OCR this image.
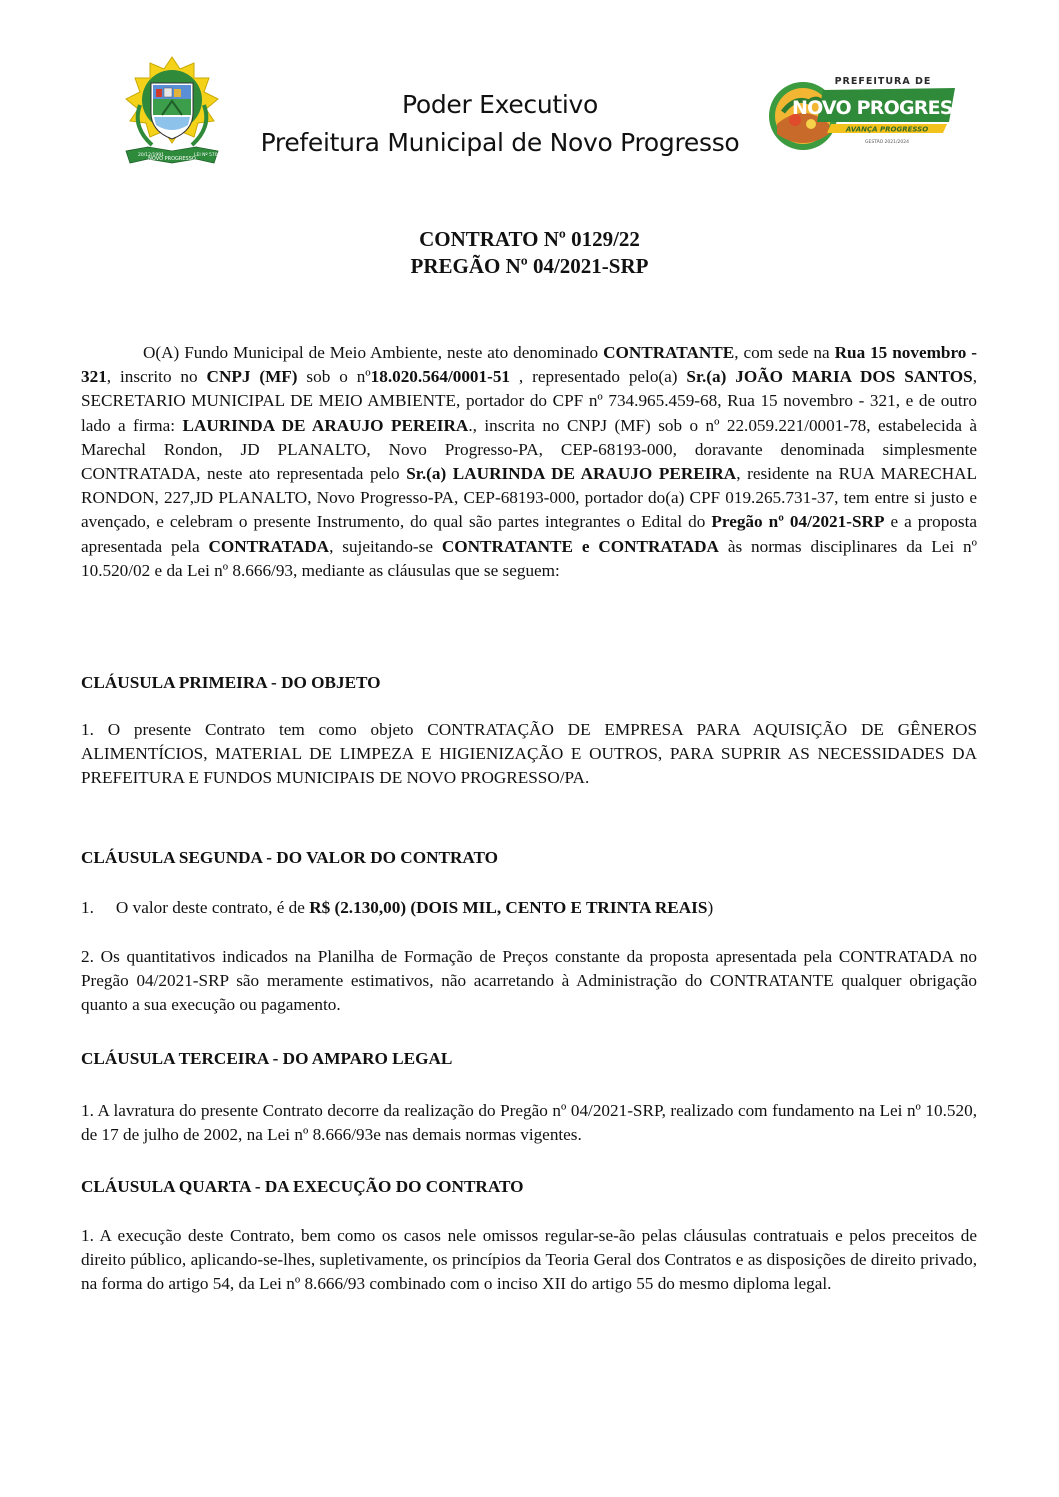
20/12/1991
NOVO PROGRESSO
LEI Nº 5700
Poder Executivo
Prefeitura Municipal de Novo Progresso
PREFEITURA DE
NOVO PROGRESSO
AVANÇA PROGRESSO
GESTÃO 2021/2024
CONTRATO Nº 0129/22
PREGÃO Nº 04/2021-SRP

O(A) Fundo Municipal de Meio Ambiente, neste ato denominado CONTRATANTE, com sede na Rua 15 novembro - 321, inscrito no CNPJ (MF) sob o nº18.020.564/0001-51 , representado pelo(a) Sr.(a) JOÃO MARIA DOS SANTOS, SECRETARIO MUNICIPAL DE MEIO AMBIENTE, portador do CPF nº 734.965.459-68, Rua 15 novembro - 321, e de outro lado a firma: LAURINDA DE ARAUJO PEREIRA., inscrita no CNPJ (MF) sob o nº 22.059.221/0001-78, estabelecida à Marechal Rondon, JD PLANALTO, Novo Progresso-PA, CEP-68193-000, doravante denominada simplesmente CONTRATADA, neste ato representada pelo Sr.(a) LAURINDA DE ARAUJO PEREIRA, residente na RUA MARECHAL RONDON, 227,JD PLANALTO, Novo Progresso-PA, CEP-68193-000, portador do(a) CPF 019.265.731-37, tem entre si justo e avençado, e celebram o presente Instrumento, do qual são partes integrantes o Edital do Pregão nº 04/2021-SRP e a proposta apresentada pela CONTRATADA, sujeitando-se CONTRATANTE e CONTRATADA às normas disciplinares da Lei nº 10.520/02 e da Lei nº 8.666/93, mediante as cláusulas que se seguem:

CLÁUSULA PRIMEIRA - DO OBJETO

1. O presente Contrato tem como objeto CONTRATAÇÃO DE EMPRESA PARA AQUISIÇÃO DE GÊNEROS ALIMENTÍCIOS, MATERIAL DE LIMPEZA E HIGIENIZAÇÃO E OUTROS, PARA SUPRIR AS NECESSIDADES DA PREFEITURA E FUNDOS MUNICIPAIS DE NOVO PROGRESSO/PA.

CLÁUSULA SEGUNDA - DO VALOR DO CONTRATO

1. O valor deste contrato, é de R$ (2.130,00) (DOIS MIL, CENTO E TRINTA REAIS)

2. Os quantitativos indicados na Planilha de Formação de Preços constante da proposta apresentada pela CONTRATADA no Pregão 04/2021-SRP são meramente estimativos, não acarretando à Administração do CONTRATANTE qualquer obrigação quanto a sua execução ou pagamento.

CLÁUSULA TERCEIRA - DO AMPARO LEGAL

1. A lavratura do presente Contrato decorre da realização do Pregão nº 04/2021-SRP, realizado com fundamento na Lei nº 10.520, de 17 de julho de 2002, na Lei nº 8.666/93e nas demais normas vigentes.

CLÁUSULA QUARTA - DA EXECUÇÃO DO CONTRATO

1. A execução deste Contrato, bem como os casos nele omissos regular-se-ão pelas cláusulas contratuais e pelos preceitos de direito público, aplicando-se-lhes, supletivamente, os princípios da Teoria Geral dos Contratos e as disposições de direito privado, na forma do artigo 54, da Lei nº 8.666/93 combinado com o inciso XII do artigo 55 do mesmo diploma legal.
